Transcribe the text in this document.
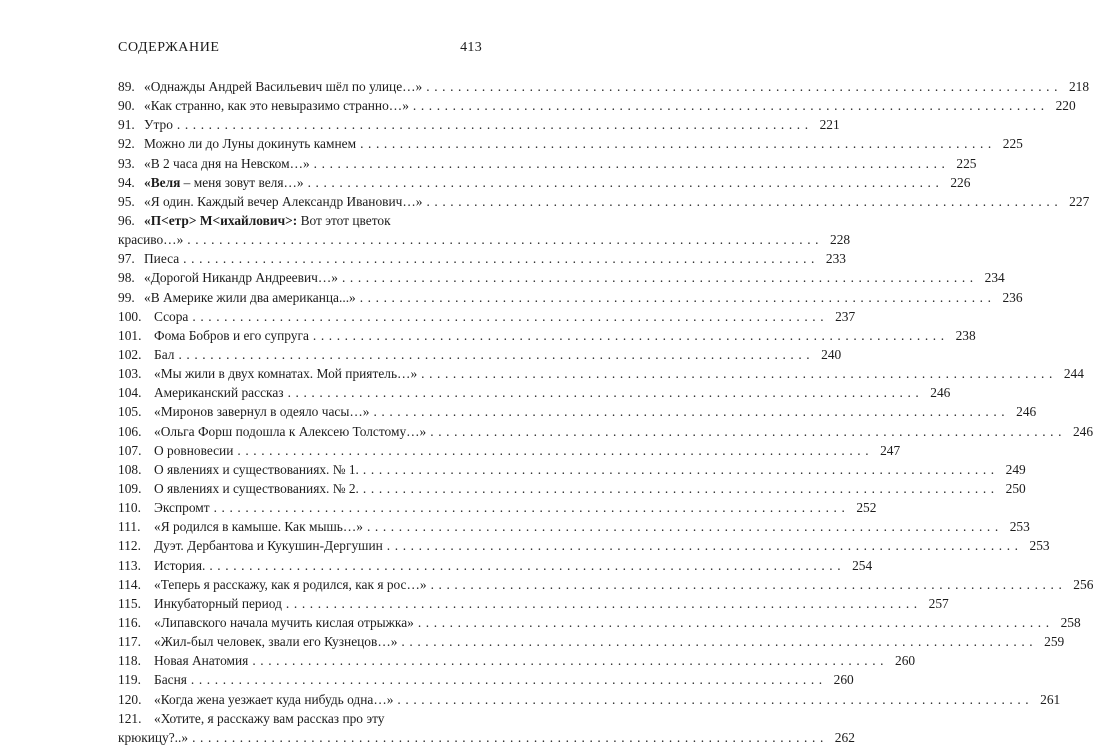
СОДЕРЖАНИЕ	413
89. «Однажды Андрей Васильевич шёл по улице…» ................................................................................ 218
90. «Как странно, как это невыразимо странно…» ................................................................................ 220
91. Утро ................................................................................ 221
92. Можно ли до Луны докинуть камнем ................................................................................ 225
93. «В 2 часа дня на Невском…» ................................................................................ 225
94. «Веля – меня зовут веля…» ................................................................................ 226
95. «Я один. Каждый вечер Александр Иванович…» ................................................................................ 227
96. «П<етр> М<ихайлович>: Вот этот цветок
красиво…» ................................................................................ 228
97. Пиеса ................................................................................ 233
98. «Дорогой Никандр Андреевич…» ................................................................................ 234
99. «В Америке жили два американца...» ................................................................................ 236
100. Ссора ................................................................................ 237
101. Фома Бобров и его супруга ................................................................................ 238
102. Бал ................................................................................ 240
103. «Мы жили в двух комнатах. Мой приятель…» ................................................................................ 244
104. Американский рассказ ................................................................................ 246
105. «Миронов завернул в одеяло часы…» ................................................................................ 246
106. «Ольга Форш подошла к Алексею Толстому…» ................................................................................ 246
107. О ровновесии ................................................................................ 247
108. О явлениях и существованиях. № 1. ................................................................................ 249
109. О явлениях и существованиях. № 2. ................................................................................ 250
110. Экспромт ................................................................................ 252
111.	«Я родился в камыше. Как мышь…» ................................................................................ 253
112. Дуэт. Дербантова и Кукушин-Дергушин ................................................................................ 253
113. История. ................................................................................ 254
114. «Теперь я расскажу, как я родился, как я рос…» ................................................................................ 256
115. Инкубаторный период ................................................................................ 257
116. «Липавского начала мучить кислая отрыжка» ................................................................................ 258
117. «Жил-был человек, звали его Кузнецов…» ................................................................................ 259
118. Новая Анатомия ................................................................................ 260
119. Басня ................................................................................ 260
120. «Когда жена уезжает куда нибудь одна…» ................................................................................ 261
121. «Хотите, я расскажу вам рассказ про эту
крюкицу?..» ................................................................................ 262
